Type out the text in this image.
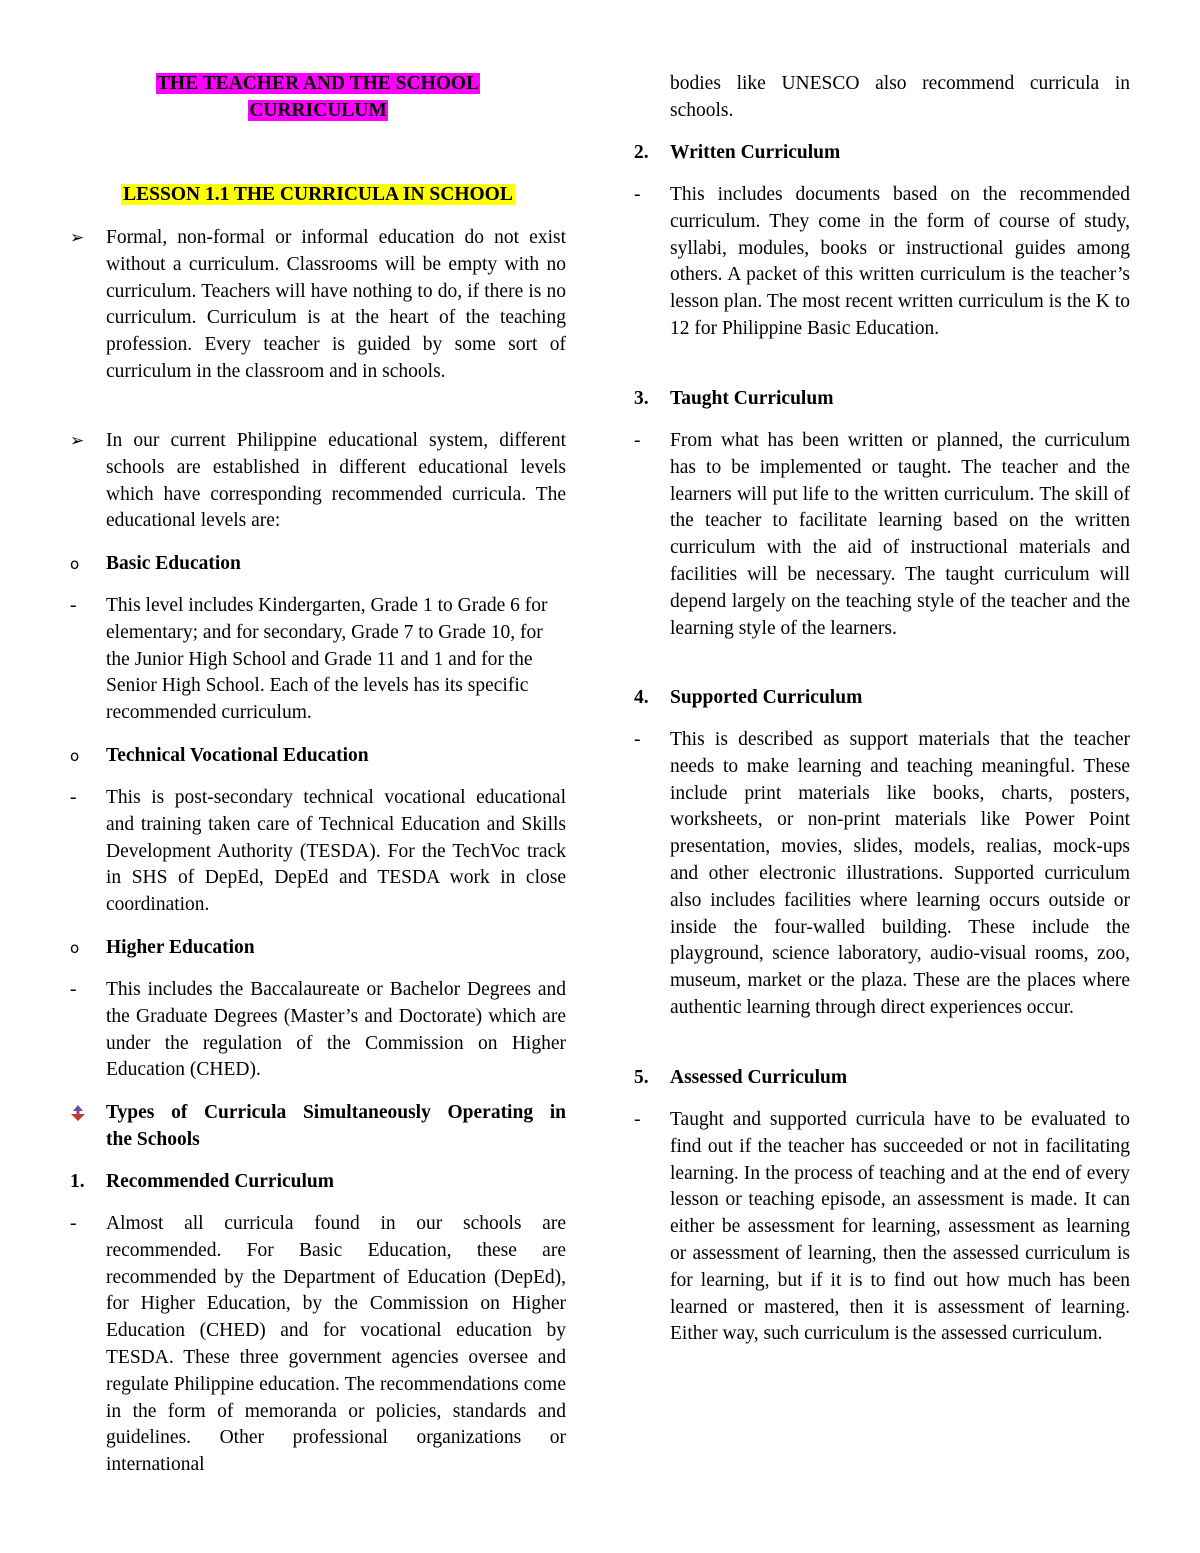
THE TEACHER AND THE SCHOOL
CURRICULUM
LESSON 1.1 THE CURRICULA IN SCHOOL
➢	Formal, non-formal or informal education do not exist without a curriculum. Classrooms will be empty with no curriculum. Teachers will have nothing to do, if there is no curriculum. Curriculum is at the heart of the teaching profession. Every teacher is guided by some sort of curriculum in the classroom and in schools.
➢	In our current Philippine educational system, different schools are established in different educational levels which have corresponding recommended curricula. The educational levels are:
o	Basic Education
-	This level includes Kindergarten, Grade 1 to Grade 6 for elementary; and for secondary, Grade 7 to Grade 10, for the Junior High School and Grade 11 and 1 and for the Senior High School. Each of the levels has its specific recommended curriculum.
o	Technical Vocational Education
-	This is post-secondary technical vocational educational and training taken care of Technical Education and Skills Development Authority (TESDA). For the TechVoc track in SHS of DepEd, DepEd and TESDA work in close coordination.
o	Higher Education
-	This includes the Baccalaureate or Bachelor Degrees and the Graduate Degrees (Master’s and Doctorate) which are under the regulation of the Commission on Higher Education (CHED).
Types of Curricula Simultaneously Operating in
the Schools
1.	Recommended Curriculum
-	Almost all curricula found in our schools are recommended. For Basic Education, these are recommended by the Department of Education (DepEd), for Higher Education, by the Commission on Higher Education (CHED) and for vocational education by TESDA. These three government agencies oversee and regulate Philippine education. The recommendations come in the form of memoranda or policies, standards and guidelines. Other professional organizations or international
bodies like UNESCO also recommend curricula in schools.
2.	Written Curriculum
-	This includes documents based on the recommended curriculum. They come in the form of course of study, syllabi, modules, books or instructional guides among others. A packet of this written curriculum is the teacher’s lesson plan. The most recent written curriculum is the K to 12 for Philippine Basic Education.
3.	Taught Curriculum
-	From what has been written or planned, the curriculum has to be implemented or taught. The teacher and the learners will put life to the written curriculum. The skill of the teacher to facilitate learning based on the written curriculum with the aid of instructional materials and facilities will be necessary. The taught curriculum will depend largely on the teaching style of the teacher and the learning style of the learners.
4.	Supported Curriculum
-	This is described as support materials that the teacher needs to make learning and teaching meaningful. These include print materials like books, charts, posters, worksheets, or non-print materials like Power Point presentation, movies, slides, models, realias, mock-ups and other electronic illustrations. Supported curriculum also includes facilities where learning occurs outside or inside the four-walled building. These include the playground, science laboratory, audio-visual rooms, zoo, museum, market or the plaza. These are the places where authentic learning through direct experiences occur.
5.	Assessed Curriculum
-	Taught and supported curricula have to be evaluated to find out if the teacher has succeeded or not in facilitating learning. In the process of teaching and at the end of every lesson or teaching episode, an assessment is made. It can either be assessment for learning, assessment as learning or assessment of learning, then the assessed curriculum is for learning, but if it is to find out how much has been learned or mastered, then it is assessment of learning. Either way, such curriculum is the assessed curriculum.
